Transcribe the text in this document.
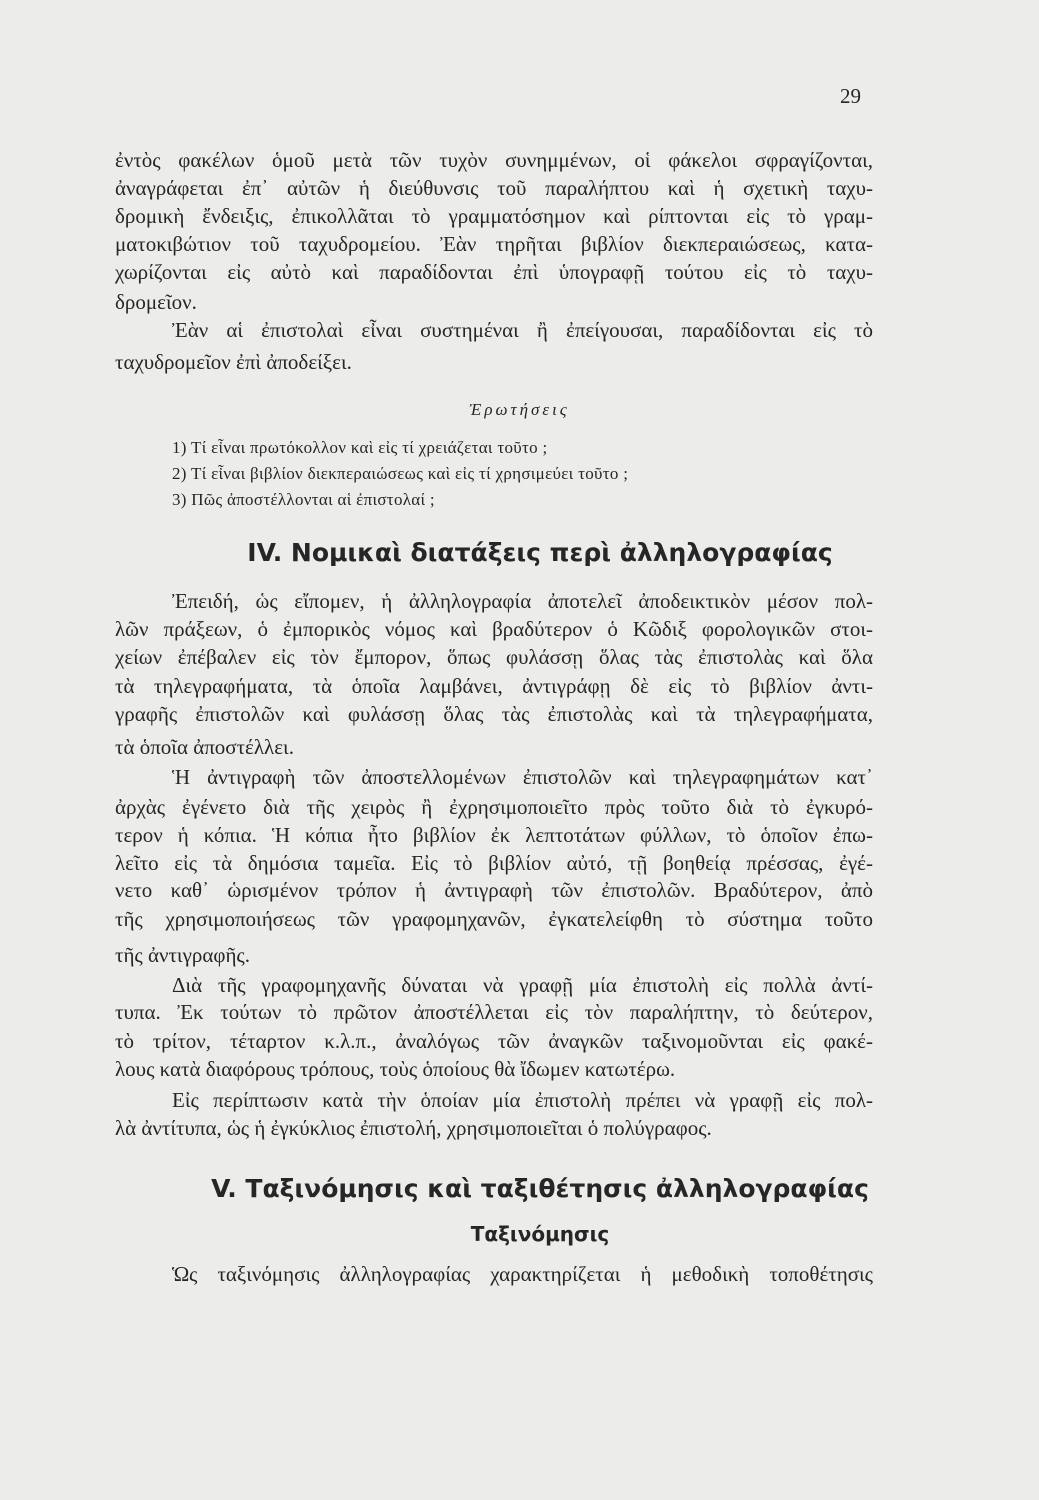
29
ἐντὸς φακέλων ὁμοῦ μετὰ τῶν τυχὸν συνημμένων, οἱ φάκελοι σφραγίζονται,
ἀναγράφεται ἐπ᾿ αὐτῶν ἡ διεύθυνσις τοῦ παραλήπτου καὶ ἡ σχετικὴ ταχυ-
δρομικὴ ἔνδειξις, ἐπικολλᾶται τὸ γραμματόσημον καὶ ρίπτονται εἰς τὸ γραμ-
ματοκιβώτιον τοῦ ταχυδρομείου. Ἐὰν τηρῆται βιβλίον διεκπεραιώσεως, κατα-
χωρίζονται εἰς αὐτὸ καὶ παραδίδονται ἐπὶ ὑπογραφῇ τούτου εἰς τὸ ταχυ-
δρομεῖον.
Ἐὰν αἱ ἐπιστολαὶ εἶναι συστημέναι ἢ ἐπείγουσαι, παραδίδονται εἰς τὸ
ταχυδρομεῖον ἐπὶ ἀποδείξει.
Ἐπειδή, ὡς εἴπομεν, ἡ ἀλληλογραφία ἀποτελεῖ ἀποδεικτικὸν μέσον πολ-
λῶν πράξεων, ὁ ἐμπορικὸς νόμος καὶ βραδύτερον ὁ Κῶδιξ φορολογικῶν στοι-
χείων ἐπέβαλεν εἰς τὸν ἔμπορον, ὅπως φυλάσσῃ ὅλας τὰς ἐπιστολὰς καὶ ὅλα
τὰ τηλεγραφήματα, τὰ ὁποῖα λαμβάνει, ἀντιγράφῃ δὲ εἰς τὸ βιβλίον ἀντι-
γραφῆς ἐπιστολῶν καὶ φυλάσσῃ ὅλας τὰς ἐπιστολὰς καὶ τὰ τηλεγραφήματα,
τὰ ὁποῖα ἀποστέλλει.
Ἡ ἀντιγραφὴ τῶν ἀποστελλομένων ἐπιστολῶν καὶ τηλεγραφημάτων κατ᾿
ἀρχὰς ἐγένετο διὰ τῆς χειρὸς ἢ ἐχρησιμοποιεῖτο πρὸς τοῦτο διὰ τὸ ἐγκυρό-
τερον ἡ κόπια. Ἡ κόπια ἦτο βιβλίον ἐκ λεπτοτάτων φύλλων, τὸ ὁποῖον ἐπω-
λεῖτο εἰς τὰ δημόσια ταμεῖα. Εἰς τὸ βιβλίον αὐτό, τῇ βοηθείᾳ πρέσσας, ἐγέ-
νετο καθ᾿ ὡρισμένον τρόπον ἡ ἀντιγραφὴ τῶν ἐπιστολῶν. Βραδύτερον, ἀπὸ
τῆς χρησιμοποιήσεως τῶν γραφομηχανῶν, ἐγκατελείφθη τὸ σύστημα τοῦτο
τῆς ἀντιγραφῆς.
Διὰ τῆς γραφομηχανῆς δύναται νὰ γραφῇ μία ἐπιστολὴ εἰς πολλὰ ἀντί-
τυπα. Ἐκ τούτων τὸ πρῶτον ἀποστέλλεται εἰς τὸν παραλήπτην, τὸ δεύτερον,
τὸ τρίτον, τέταρτον κ.λ.π., ἀναλόγως τῶν ἀναγκῶν ταξινομοῦνται εἰς φακέ-
λους κατὰ διαφόρους τρόπους, τοὺς ὁποίους θὰ ἴδωμεν κατωτέρω.
Εἰς περίπτωσιν κατὰ τὴν ὁποίαν μία ἐπιστολὴ πρέπει νὰ γραφῇ εἰς πολ-
λὰ ἀντίτυπα, ὡς ἡ ἐγκύκλιος ἐπιστολή, χρησιμοποιεῖται ὁ πολύγραφος.
Ἐρωτήσεις
1) Τί εἶναι πρωτόκολλον καὶ εἰς τί χρειάζεται τοῦτο ;
2) Τί εἶναι βιβλίον διεκπεραιώσεως καὶ εἰς τί χρησιμεύει τοῦτο ;
3) Πῶς ἀποστέλλονται αἱ ἐπιστολαί ;
IV. Νομικαὶ διατάξεις περὶ ἀλληλογραφίας
V. Ταξινόμησις καὶ ταξιθέτησις ἀλληλογραφίας
Ταξινόμησις
Ὡς ταξινόμησις ἀλληλογραφίας χαρακτηρίζεται ἡ μεθοδικὴ τοποθέτησις
